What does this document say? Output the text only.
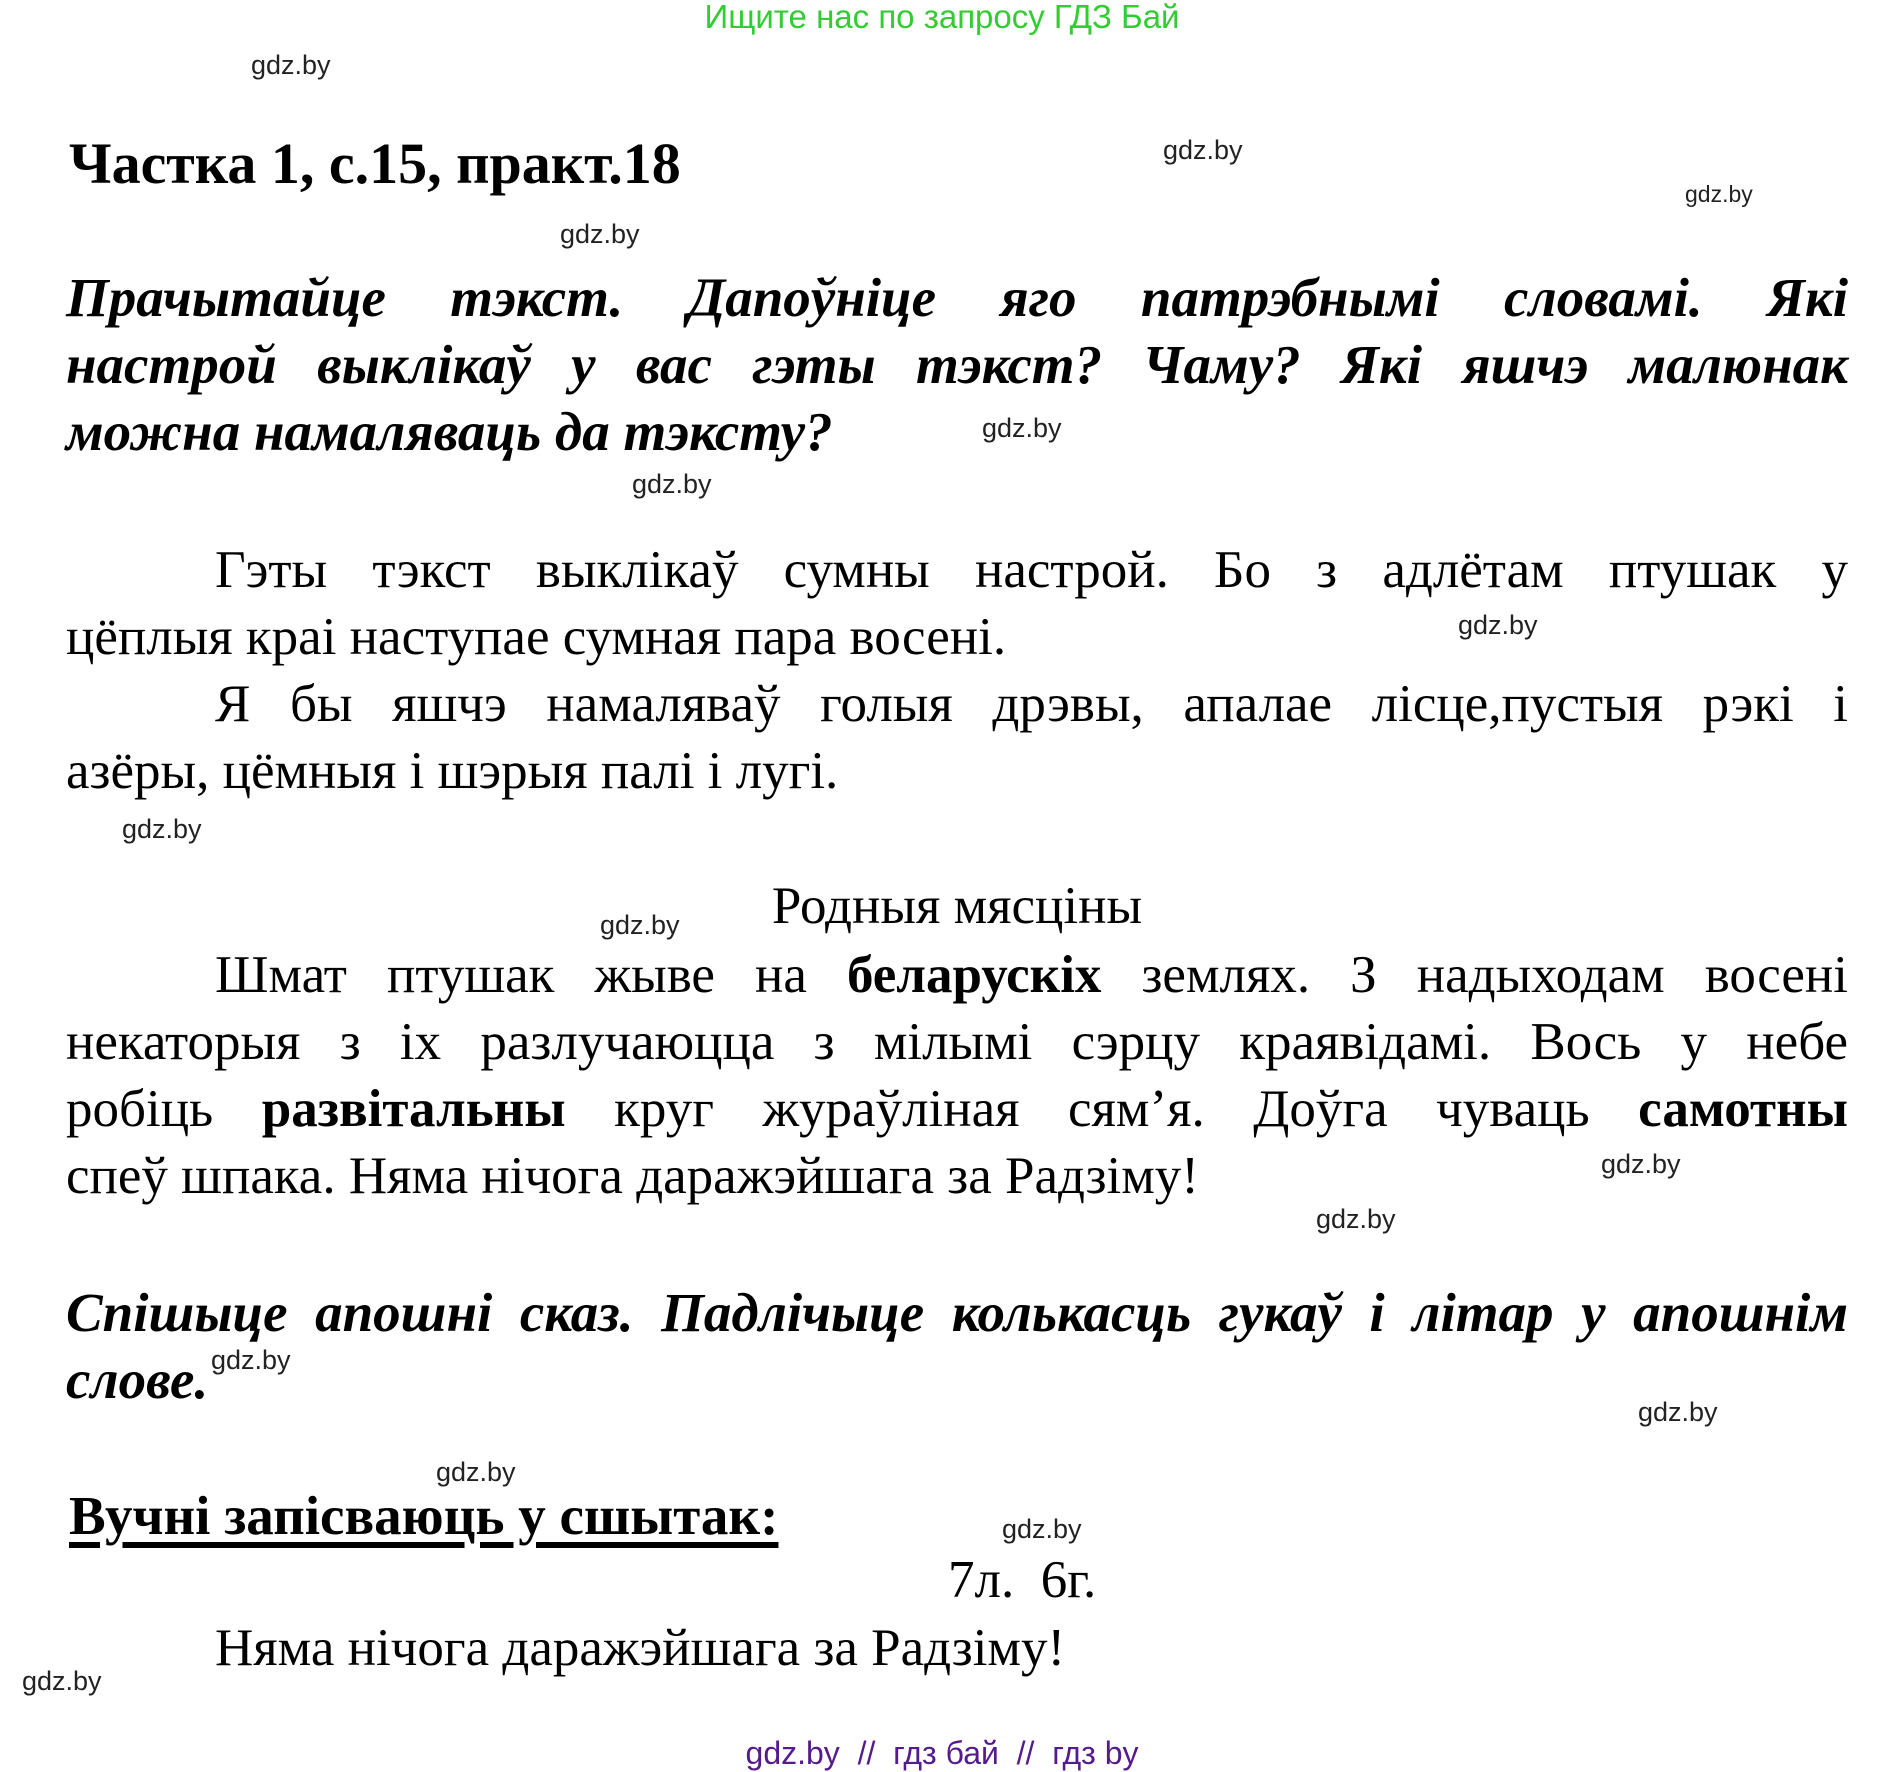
Ищите нас по запросу ГДЗ Бай
gdz.by
gdz.by
gdz.by
gdz.by
gdz.by
gdz.by
gdz.by
gdz.by
gdz.by
gdz.by
gdz.by
gdz.by
gdz.by
gdz.by
gdz.by
gdz.by
Частка 1, с.15, практ.18
Прачытайце тэкст. Дапоўніце яго патрэбнымі словамі. Які
настрой выклікаў у вас гэты тэкст? Чаму? Які яшчэ малюнак
можна намаляваць да тэксту?
Гэты тэкст выклікаў сумны настрой. Бо з адлётам птушак у
цёплыя краі наступае сумная пара восені.
Я бы яшчэ намаляваў голыя дрэвы, апалае лісце,пустыя рэкі і
азёры, цёмныя і шэрыя палі і лугі.
Родныя мясціны
Шмат птушак жыве на беларускіх землях. З надыходам восені
некаторыя з іх разлучаюцца з мілымі сэрцу краявідамі. Вось у небе
робіць развітальны круг жураўліная сям’я. Доўга чуваць самотны
спеў шпака. Няма нічога даражэйшага за Радзіму!
Спішыце апошні сказ. Падлічыце колькасць гукаў і літар у апошнім
слове.
Вучні запісваюць у сшытак:
7л.  6г.
Няма нічога даражэйшага за Радзіму!
gdz.by  //  гдз бай  //  гдз by
